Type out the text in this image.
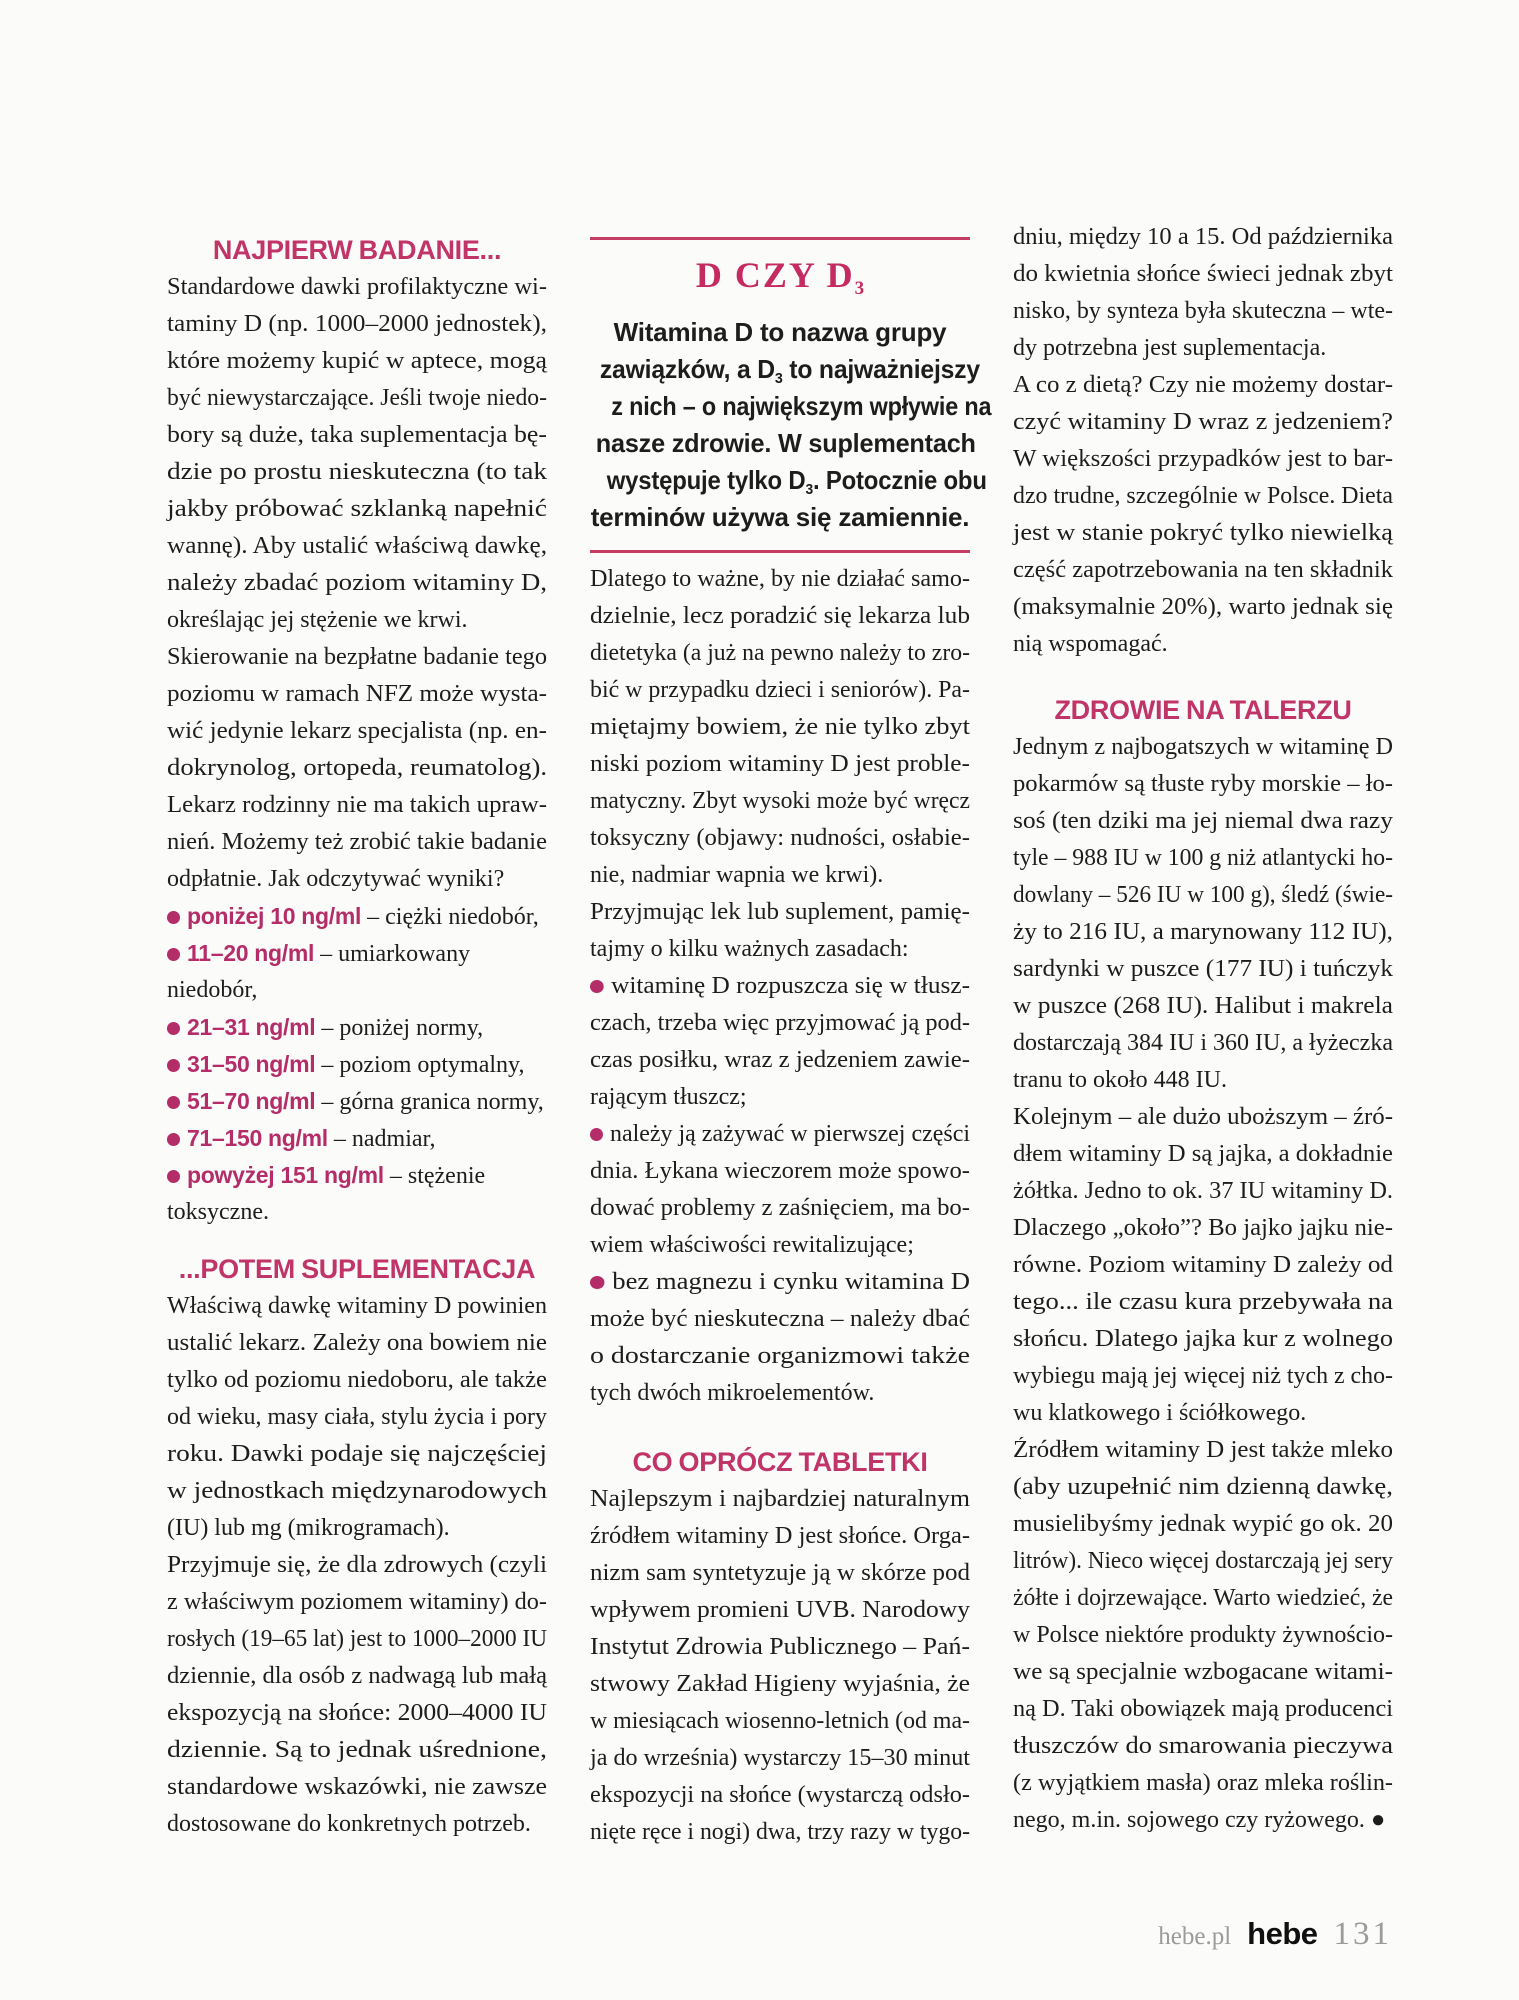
NAJPIERW BADANIE...
Standardowe dawki profilaktyczne wi-
taminy D (np. 1000–2000 jednostek),
które możemy kupić w aptece, mogą
być niewystarczające. Jeśli twoje niedo-
bory są duże, taka suplementacja bę-
dzie po prostu nieskuteczna (to tak
jakby próbować szklanką napełnić
wannę). Aby ustalić właściwą dawkę,
należy zbadać poziom witaminy D,
określając jej stężenie we krwi.
Skierowanie na bezpłatne badanie tego
poziomu w ramach NFZ może wysta-
wić jedynie lekarz specjalista (np. en-
dokrynolog, ortopeda, reumatolog).
Lekarz rodzinny nie ma takich upraw-
nień. Możemy też zrobić takie badanie
odpłatnie. Jak odczytywać wyniki?
poniżej 10 ng/ml – ciężki niedobór,
11–20 ng/ml – umiarkowany
niedobór,
21–31 ng/ml – poniżej normy,
31–50 ng/ml – poziom optymalny,
51–70 ng/ml – górna granica normy,
71–150 ng/ml – nadmiar,
powyżej 151 ng/ml – stężenie
toksyczne.
...POTEM SUPLEMENTACJA
Właściwą dawkę witaminy D powinien
ustalić lekarz. Zależy ona bowiem nie
tylko od poziomu niedoboru, ale także
od wieku, masy ciała, stylu życia i pory
roku. Dawki podaje się najczęściej
w jednostkach międzynarodowych
(IU) lub mg (mikrogramach).
Przyjmuje się, że dla zdrowych (czyli
z właściwym poziomem witaminy) do-
rosłych (19–65 lat) jest to 1000–2000 IU
dziennie, dla osób z nadwagą lub małą
ekspozycją na słońce: 2000–4000 IU
dziennie. Są to jednak uśrednione,
standardowe wskazówki, nie zawsze
dostosowane do konkretnych potrzeb.
D CZY $D_3$
Witamina D to nazwa grupy
zawiązków, a $D_3$ to najważniejszy
z nich – o największym wpływie na
nasze zdrowie. W suplementach
występuje tylko $D_3$. Potocznie obu
terminów używa się zamiennie.
Dlatego to ważne, by nie działać samo-
dzielnie, lecz poradzić się lekarza lub
dietetyka (a już na pewno należy to zro-
bić w przypadku dzieci i seniorów). Pa-
miętajmy bowiem, że nie tylko zbyt
niski poziom witaminy D jest proble-
matyczny. Zbyt wysoki może być wręcz
toksyczny (objawy: nudności, osłabie-
nie, nadmiar wapnia we krwi).
Przyjmując lek lub suplement, pamię-
tajmy o kilku ważnych zasadach:
witaminę D rozpuszcza się w tłusz-
czach, trzeba więc przyjmować ją pod-
czas posiłku, wraz z jedzeniem zawie-
rającym tłuszcz;
należy ją zażywać w pierwszej części
dnia. Łykana wieczorem może spowo-
dować problemy z zaśnięciem, ma bo-
wiem właściwości rewitalizujące;
bez magnezu i cynku witamina D
może być nieskuteczna – należy dbać
o dostarczanie organizmowi także
tych dwóch mikroelementów.
CO OPRÓCZ TABLETKI
Najlepszym i najbardziej naturalnym
źródłem witaminy D jest słońce. Orga-
nizm sam syntetyzuje ją w skórze pod
wpływem promieni UVB. Narodowy
Instytut Zdrowia Publicznego – Pań-
stwowy Zakład Higieny wyjaśnia, że
w miesiącach wiosenno-letnich (od ma-
ja do września) wystarczy 15–30 minut
ekspozycji na słońce (wystarczą odsło-
nięte ręce i nogi) dwa, trzy razy w tygo-
dniu, między 10 a 15. Od października
do kwietnia słońce świeci jednak zbyt
nisko, by synteza była skuteczna – wte-
dy potrzebna jest suplementacja.
A co z dietą? Czy nie możemy dostar-
czyć witaminy D wraz z jedzeniem?
W większości przypadków jest to bar-
dzo trudne, szczególnie w Polsce. Dieta
jest w stanie pokryć tylko niewielką
część zapotrzebowania na ten składnik
(maksymalnie 20%), warto jednak się
nią wspomagać.
ZDROWIE NA TALERZU
Jednym z najbogatszych w witaminę D
pokarmów są tłuste ryby morskie – ło-
soś (ten dziki ma jej niemal dwa razy
tyle – 988 IU w 100 g niż atlantycki ho-
dowlany – 526 IU w 100 g), śledź (świe-
ży to 216 IU, a marynowany 112 IU),
sardynki w puszce (177 IU) i tuńczyk
w puszce (268 IU). Halibut i makrela
dostarczają 384 IU i 360 IU, a łyżeczka
tranu to około 448 IU.
Kolejnym – ale dużo uboższym – źró-
dłem witaminy D są jajka, a dokładnie
żółtka. Jedno to ok. 37 IU witaminy D.
Dlaczego „około”? Bo jajko jajku nie-
równe. Poziom witaminy D zależy od
tego... ile czasu kura przebywała na
słońcu. Dlatego jajka kur z wolnego
wybiegu mają jej więcej niż tych z cho-
wu klatkowego i ściółkowego.
Źródłem witaminy D jest także mleko
(aby uzupełnić nim dzienną dawkę,
musielibyśmy jednak wypić go ok. 20
litrów). Nieco więcej dostarczają jej sery
żółte i dojrzewające. Warto wiedzieć, że
w Polsce niektóre produkty żywnościo-
we są specjalnie wzbogacane witami-
ną D. Taki obowiązek mają producenci
tłuszczów do smarowania pieczywa
(z wyjątkiem masła) oraz mleka roślin-
nego, m.in. sojowego czy ryżowego. ●
hebe.pl hebe 131
